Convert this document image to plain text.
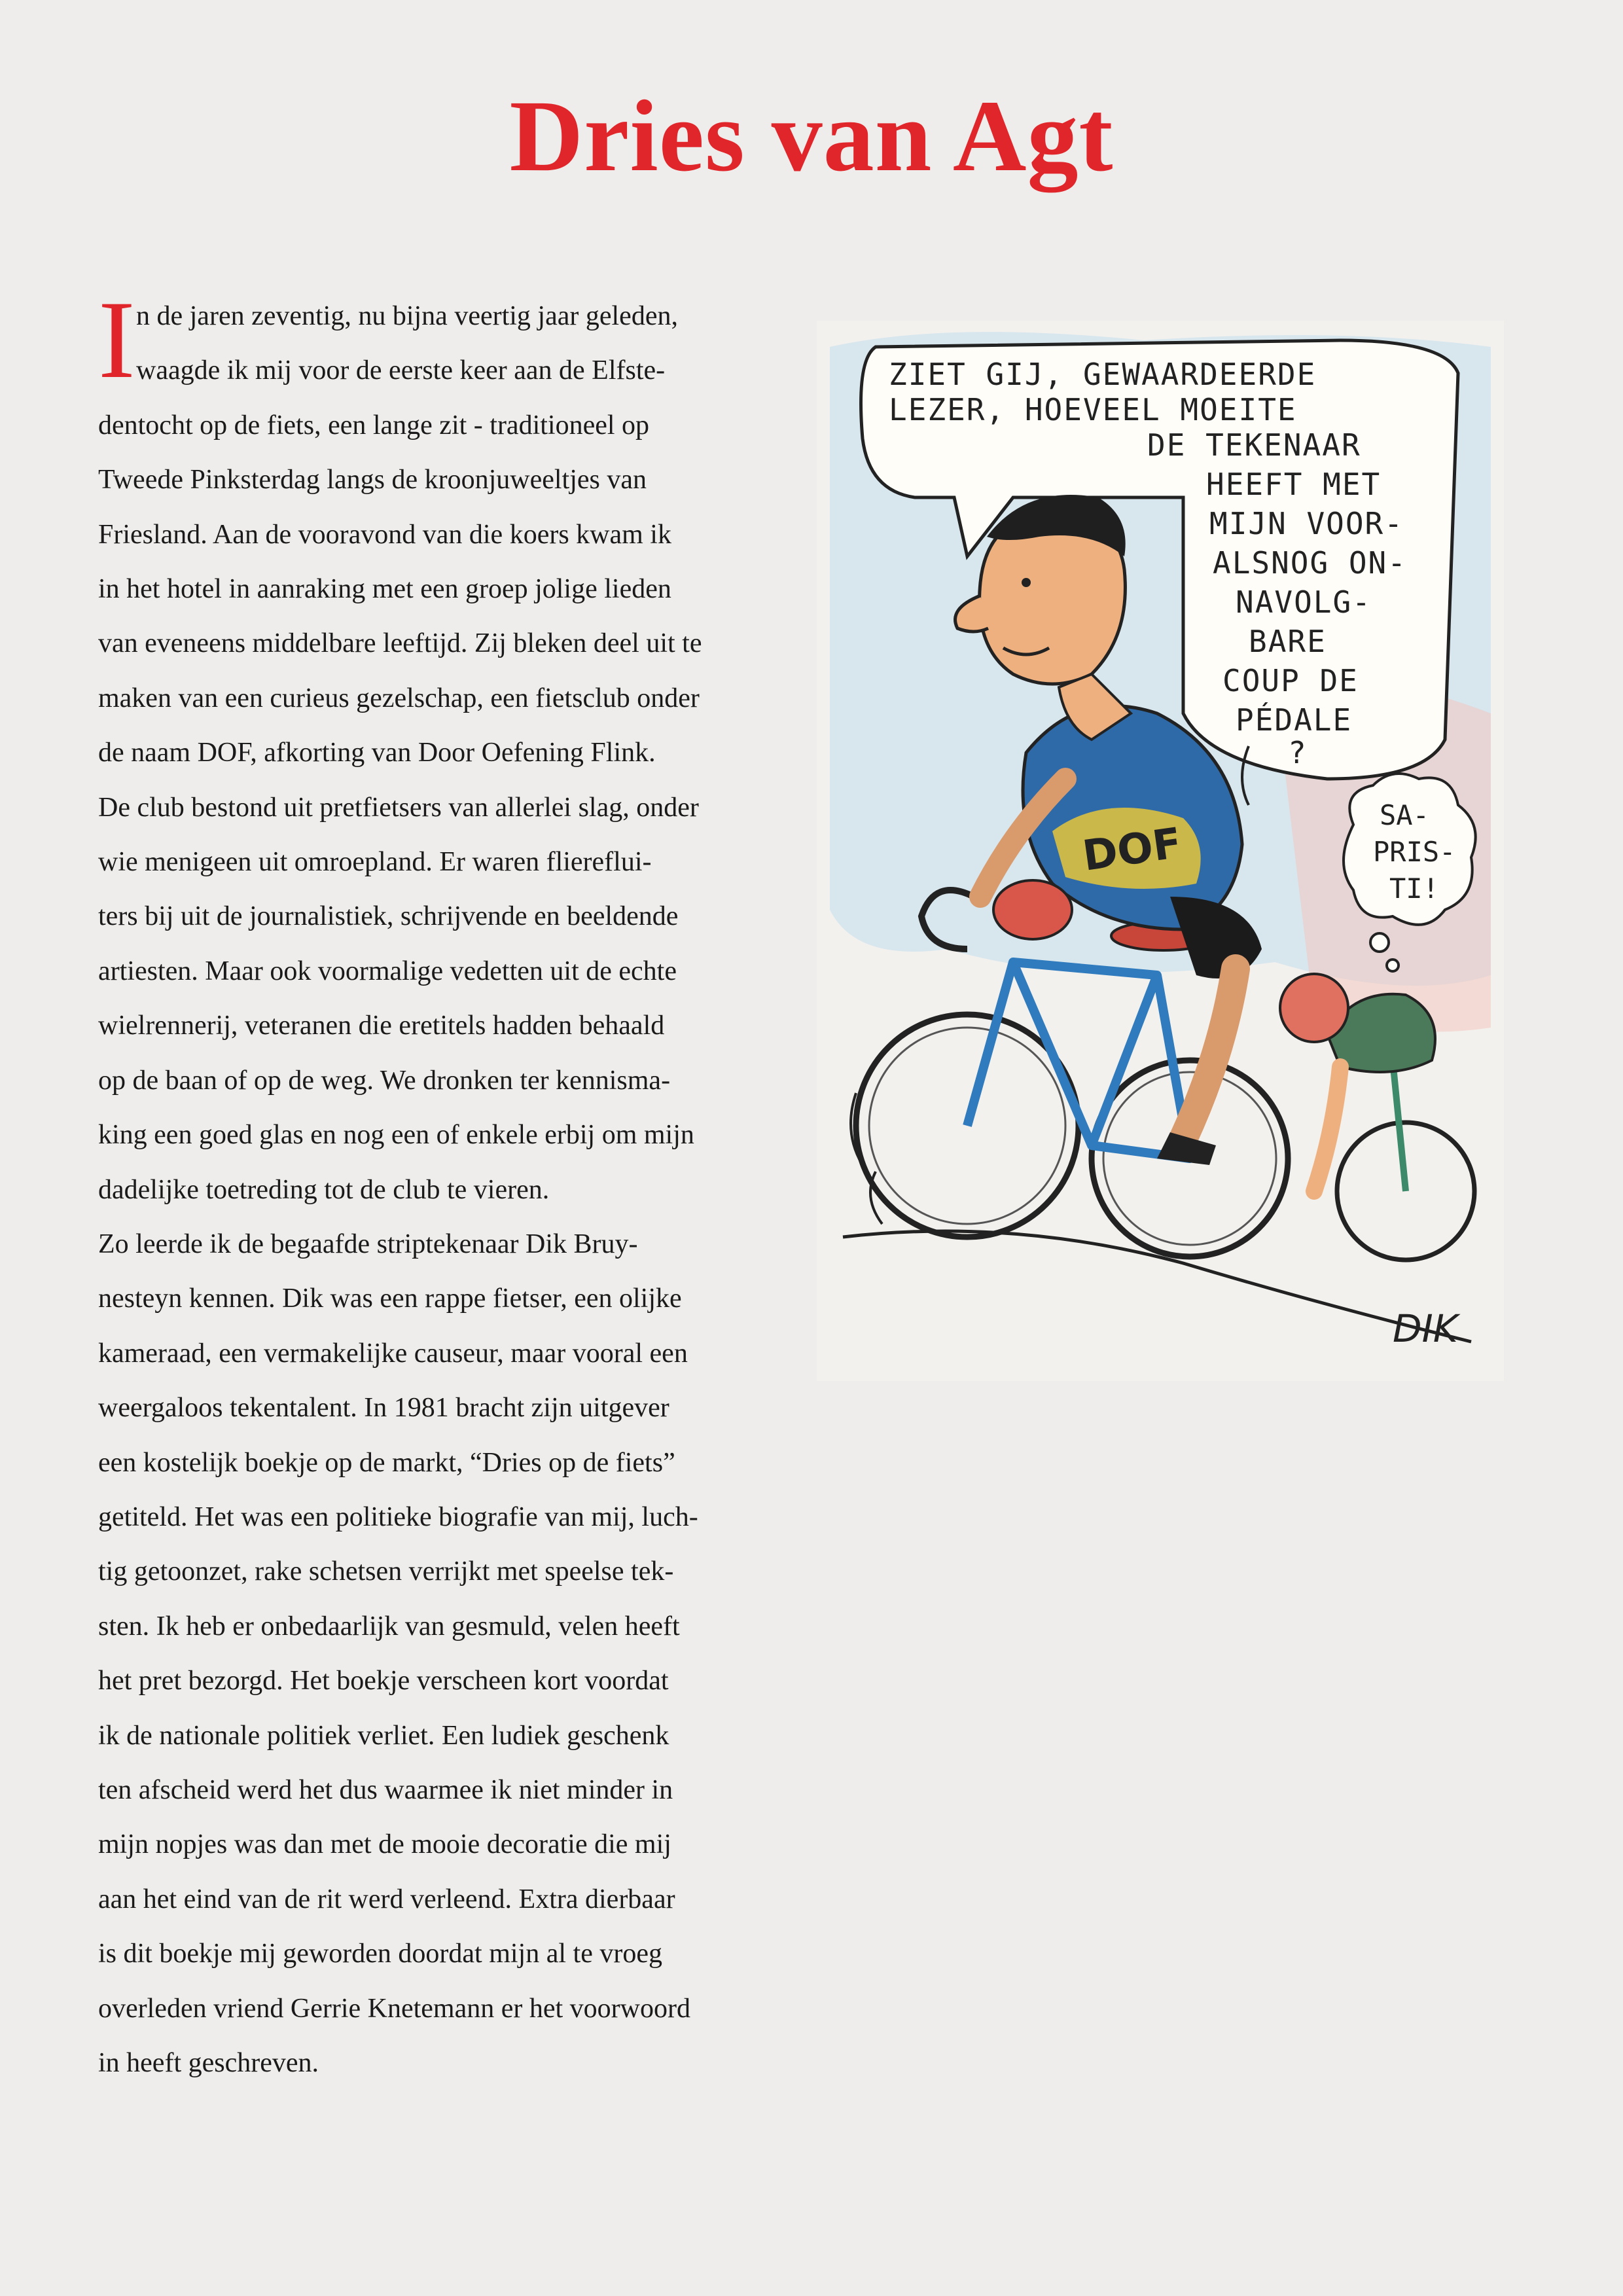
Dries van Agt
I n de jaren zeventig, nu bijna veertig jaar geleden,
waagde ik mij voor de eerste keer aan de Elfste-
dentocht op de fiets, een lange zit - traditioneel op
Tweede Pinksterdag langs de kroonjuweeltjes van
Friesland. Aan de vooravond van die koers kwam ik
in het hotel in aanraking met een groep jolige lieden
van eveneens middelbare leeftijd. Zij bleken deel uit te
maken van een curieus gezelschap, een fietsclub onder
de naam DOF, afkorting van Door Oefening Flink.
De club bestond uit pretfietsers van allerlei slag, onder
wie menigeen uit omroepland. Er waren fliereflui-
ters bij uit de journalistiek, schrijvende en beeldende
artiesten. Maar ook voormalige vedetten uit de echte
wielrennerij, veteranen die eretitels hadden behaald
op de baan of op de weg. We dronken ter kennisma-
king een goed glas en nog een of enkele erbij om mijn
dadelijke toetreding tot de club te vieren.
Zo leerde ik de begaafde striptekenaar Dik Bruy-
nesteyn kennen. Dik was een rappe fietser, een olijke
kameraad, een vermakelijke causeur, maar vooral een
weergaloos tekentalent. In 1981 bracht zijn uitgever
een kostelijk boekje op de markt, “Dries op de fiets”
getiteld. Het was een politieke biografie van mij, luch-
tig getoonzet, rake schetsen verrijkt met speelse tek-
sten. Ik heb er onbedaarlijk van gesmuld, velen heeft
het pret bezorgd. Het boekje verscheen kort voordat
ik de nationale politiek verliet. Een ludiek geschenk
ten afscheid werd het dus waarmee ik niet minder in
mijn nopjes was dan met de mooie decoratie die mij
aan het eind van de rit werd verleend. Extra dierbaar
is dit boekje mij geworden doordat mijn al te vroeg
overleden vriend Gerrie Knetemann er het voorwoord
in heeft geschreven.
ZIET GIJ, GEWAARDEERDE
LEZER, HOEVEEL MOEITE
DE TEKENAAR
HEEFT MET
MIJN VOOR-
ALSNOG ON-
NAVOLG-
BARE
COUP DE
PÉDALE
?
SA-
PRIS-
TI!
DOF
DIK
